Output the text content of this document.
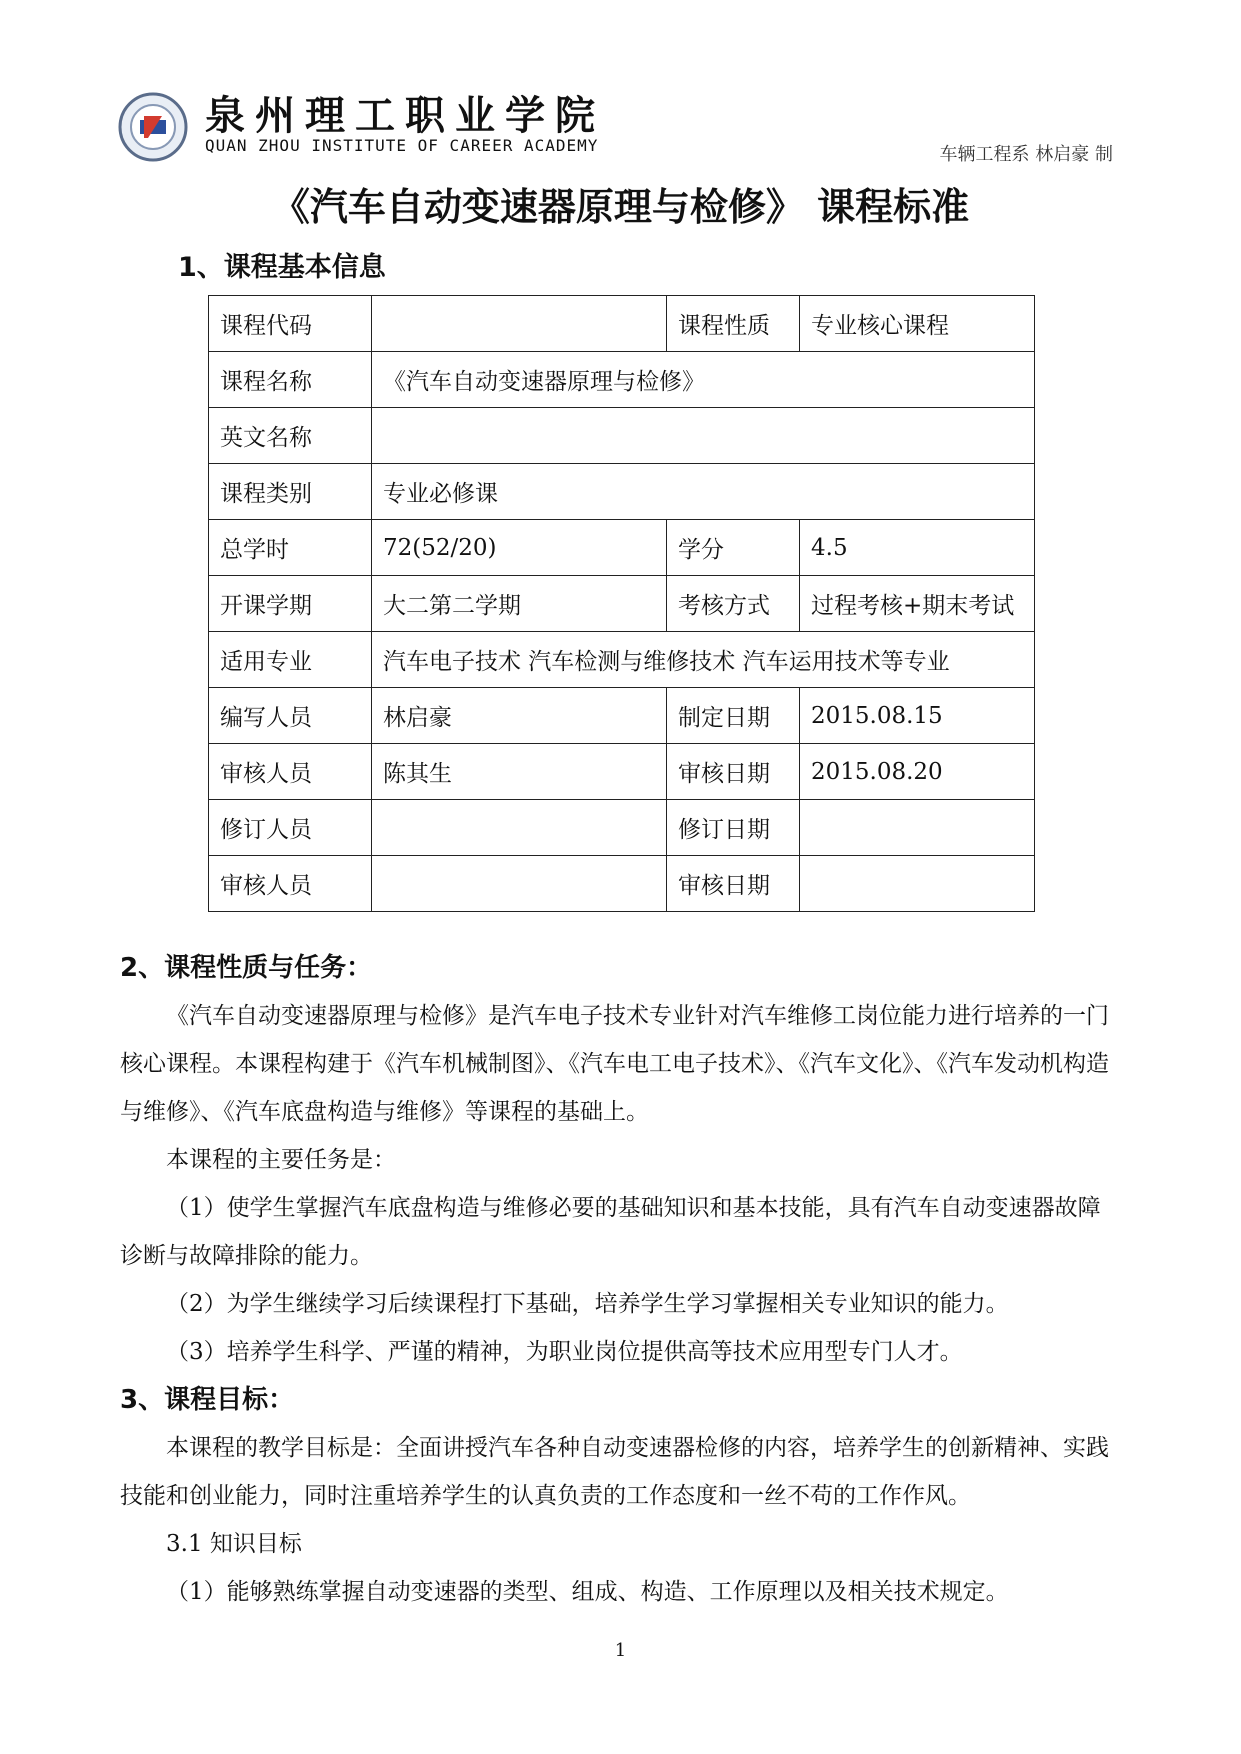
泉州理工职业学院
QUAN ZHOU INSTITUTE OF CAREER ACADEMY	车辆工程系 林启豪 制
《汽车自动变速器原理与检修》 课程标准
1、课程基本信息
课程代码		课程性质	专业核心课程
课程名称	《汽车自动变速器原理与检修》		
英文名称			
课程类别	专业必修课		
总学时	72(52/20)	学分	4.5
开课学期	大二第二学期	考核方式	过程考核+期末考试
适用专业	汽车电子技术 汽车检测与维修技术 汽车运用技术等专业		
编写人员	林启豪	制定日期	2015.08.15
审核人员	陈其生	审核日期	2015.08.20
修订人员		修订日期	
审核人员		审核日期	

2、课程性质与任务：

《汽车自动变速器原理与检修》是汽车电子技术专业针对汽车维修工岗位能力进行培养的一门核心课程。本课程构建于《汽车机械制图》、《汽车电工电子技术》、《汽车文化》、《汽车发动机构造与维修》、《汽车底盘构造与维修》等课程的基础上。

本课程的主要任务是：

（1）使学生掌握汽车底盘构造与维修必要的基础知识和基本技能，具有汽车自动变速器故障诊断与故障排除的能力。

（2）为学生继续学习后续课程打下基础，培养学生学习掌握相关专业知识的能力。

（3）培养学生科学、严谨的精神，为职业岗位提供高等技术应用型专门人才。

3、课程目标：

本课程的教学目标是：全面讲授汽车各种自动变速器检修的内容，培养学生的创新精神、实践技能和创业能力，同时注重培养学生的认真负责的工作态度和一丝不苟的工作作风。

3.1 知识目标

（1）能够熟练掌握自动变速器的类型、组成、构造、工作原理以及相关技术规定。

1
